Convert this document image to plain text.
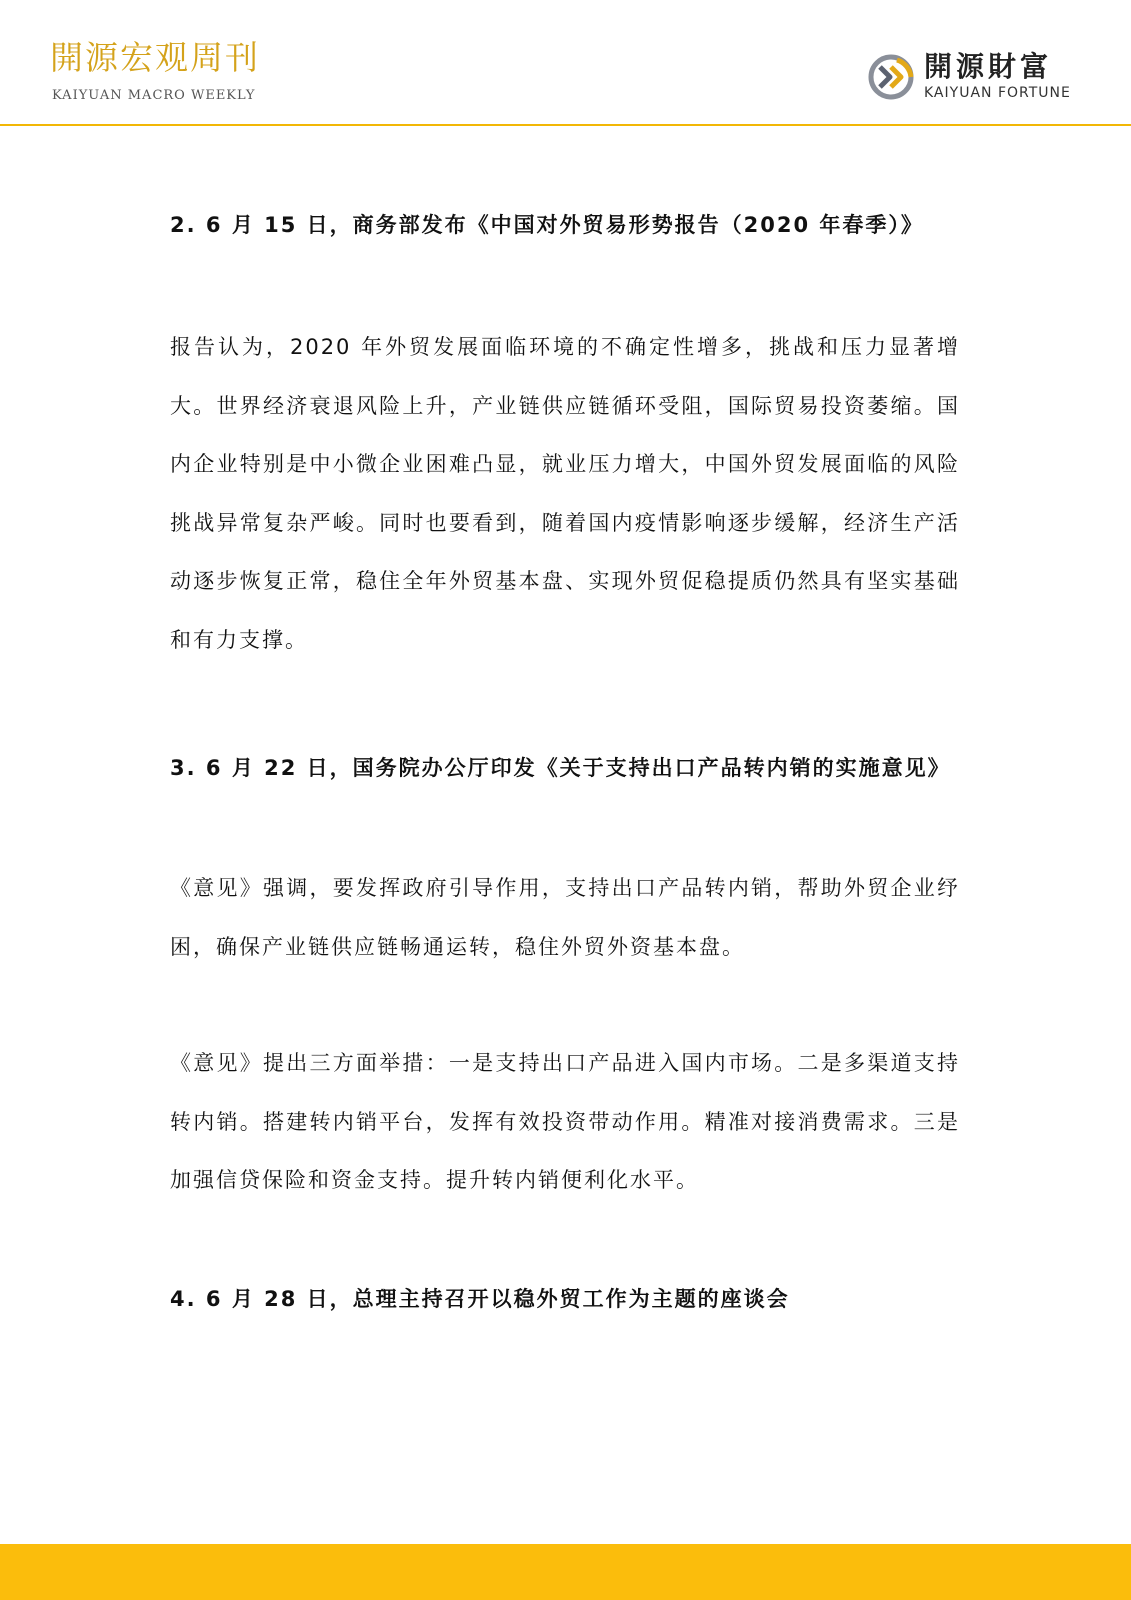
開源宏观周刊
KAIYUAN MACRO WEEKLY
開源財富
KAIYUAN FORTUNE
2. 6 月 15 日，商务部发布《中国对外贸易形势报告（2020 年春季）》

报告认为，2020 年外贸发展面临环境的不确定性增多，挑战和压力显著增大。世界经济衰退风险上升，产业链供应链循环受阻，国际贸易投资萎缩。国内企业特别是中小微企业困难凸显，就业压力增大，中国外贸发展面临的风险挑战异常复杂严峻。同时也要看到，随着国内疫情影响逐步缓解，经济生产活动逐步恢复正常，稳住全年外贸基本盘、实现外贸促稳提质仍然具有坚实基础和有力支撑。

3. 6 月 22 日，国务院办公厅印发《关于支持出口产品转内销的实施意见》

《意见》强调，要发挥政府引导作用，支持出口产品转内销，帮助外贸企业纾困，确保产业链供应链畅通运转，稳住外贸外资基本盘。

《意见》提出三方面举措：一是支持出口产品进入国内市场。二是多渠道支持转内销。搭建转内销平台，发挥有效投资带动作用。精准对接消费需求。三是加强信贷保险和资金支持。提升转内销便利化水平。

4. 6 月 28 日，总理主持召开以稳外贸工作为主题的座谈会
